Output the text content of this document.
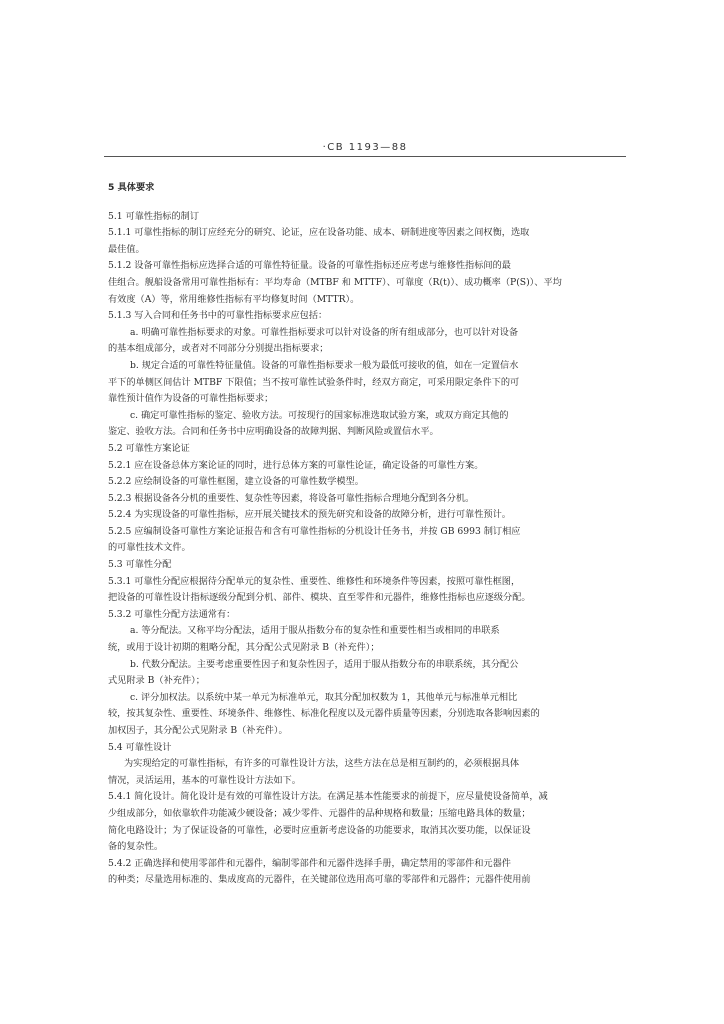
·CB 1193—88
5 具体要求
5.1 可靠性指标的制订
5.1.1 可靠性指标的制订应经充分的研究、论证，应在设备功能、成本、研制进度等因素之间权衡，选取
最佳值。
5.1.2 设备可靠性指标应选择合适的可靠性特征量。设备的可靠性指标还应考虑与维修性指标间的最
佳组合。舰船设备常用可靠性指标有：平均寿命（MTBF 和 MTTF）、可靠度（R(t)）、成功概率（P(S)）、平均
有效度（A）等，常用维修性指标有平均修复时间（MTTR）。
5.1.3 写入合同和任务书中的可靠性指标要求应包括：
a. 明确可靠性指标要求的对象。可靠性指标要求可以针对设备的所有组成部分，也可以针对设备
的基本组成部分，或者对不同部分分别提出指标要求；
b. 规定合适的可靠性特征量值。设备的可靠性指标要求一般为最低可接收的值，如在一定置信水
平下的单侧区间估计 MTBF 下限值；当不按可靠性试验条件时，经双方商定，可采用限定条件下的可
靠性预计值作为设备的可靠性指标要求；
c. 确定可靠性指标的鉴定、验收方法。可按现行的国家标准选取试验方案，或双方商定其他的
鉴定、验收方法。合同和任务书中应明确设备的故障判据、判断风险或置信水平。
5.2 可靠性方案论证
5.2.1 应在设备总体方案论证的同时，进行总体方案的可靠性论证，确定设备的可靠性方案。
5.2.2 应绘制设备的可靠性框图，建立设备的可靠性数学模型。
5.2.3 根据设备各分机的重要性、复杂性等因素，将设备可靠性指标合理地分配到各分机。
5.2.4 为实现设备的可靠性指标，应开展关键技术的预先研究和设备的故障分析，进行可靠性预计。
5.2.5 应编制设备可靠性方案论证报告和含有可靠性指标的分机设计任务书，并按 GB 6993 制订相应
的可靠性技术文件。
5.3 可靠性分配
5.3.1 可靠性分配应根据待分配单元的复杂性、重要性、维修性和环境条件等因素，按照可靠性框图，
把设备的可靠性设计指标逐级分配到分机、部件、模块、直至零件和元器件，维修性指标也应逐级分配。
5.3.2 可靠性分配方法通常有：
a. 等分配法。又称平均分配法，适用于服从指数分布的复杂性和重要性相当或相同的串联系
统，或用于设计初期的粗略分配，其分配公式见附录 B（补充件）；
b. 代数分配法。主要考虑重要性因子和复杂性因子，适用于服从指数分布的串联系统，其分配公
式见附录 B（补充件）；
c. 评分加权法。以系统中某一单元为标准单元，取其分配加权数为 1，其他单元与标准单元相比
较，按其复杂性、重要性、环境条件、维修性、标准化程度以及元器件质量等因素，分别选取各影响因素的
加权因子，其分配公式见附录 B（补充件）。
5.4 可靠性设计
为实现给定的可靠性指标，有许多的可靠性设计方法，这些方法在总是相互制约的，必须根据具体
情况，灵活运用，基本的可靠性设计方法如下。
5.4.1 简化设计。简化设计是有效的可靠性设计方法。在满足基本性能要求的前提下，应尽量使设备简单，减
少组成部分，如依靠软件功能减少硬设备；减少零件、元器件的品种规格和数量；压缩电路具体的数量；
简化电路设计；为了保证设备的可靠性，必要时应重新考虑设备的功能要求，取消其次要功能，以保证设
备的复杂性。
5.4.2 正确选择和使用零部件和元器件，编制零部件和元器件选择手册，确定禁用的零部件和元器件
的种类；尽量选用标准的、集成度高的元器件，在关键部位选用高可靠的零部件和元器件；元器件使用前
